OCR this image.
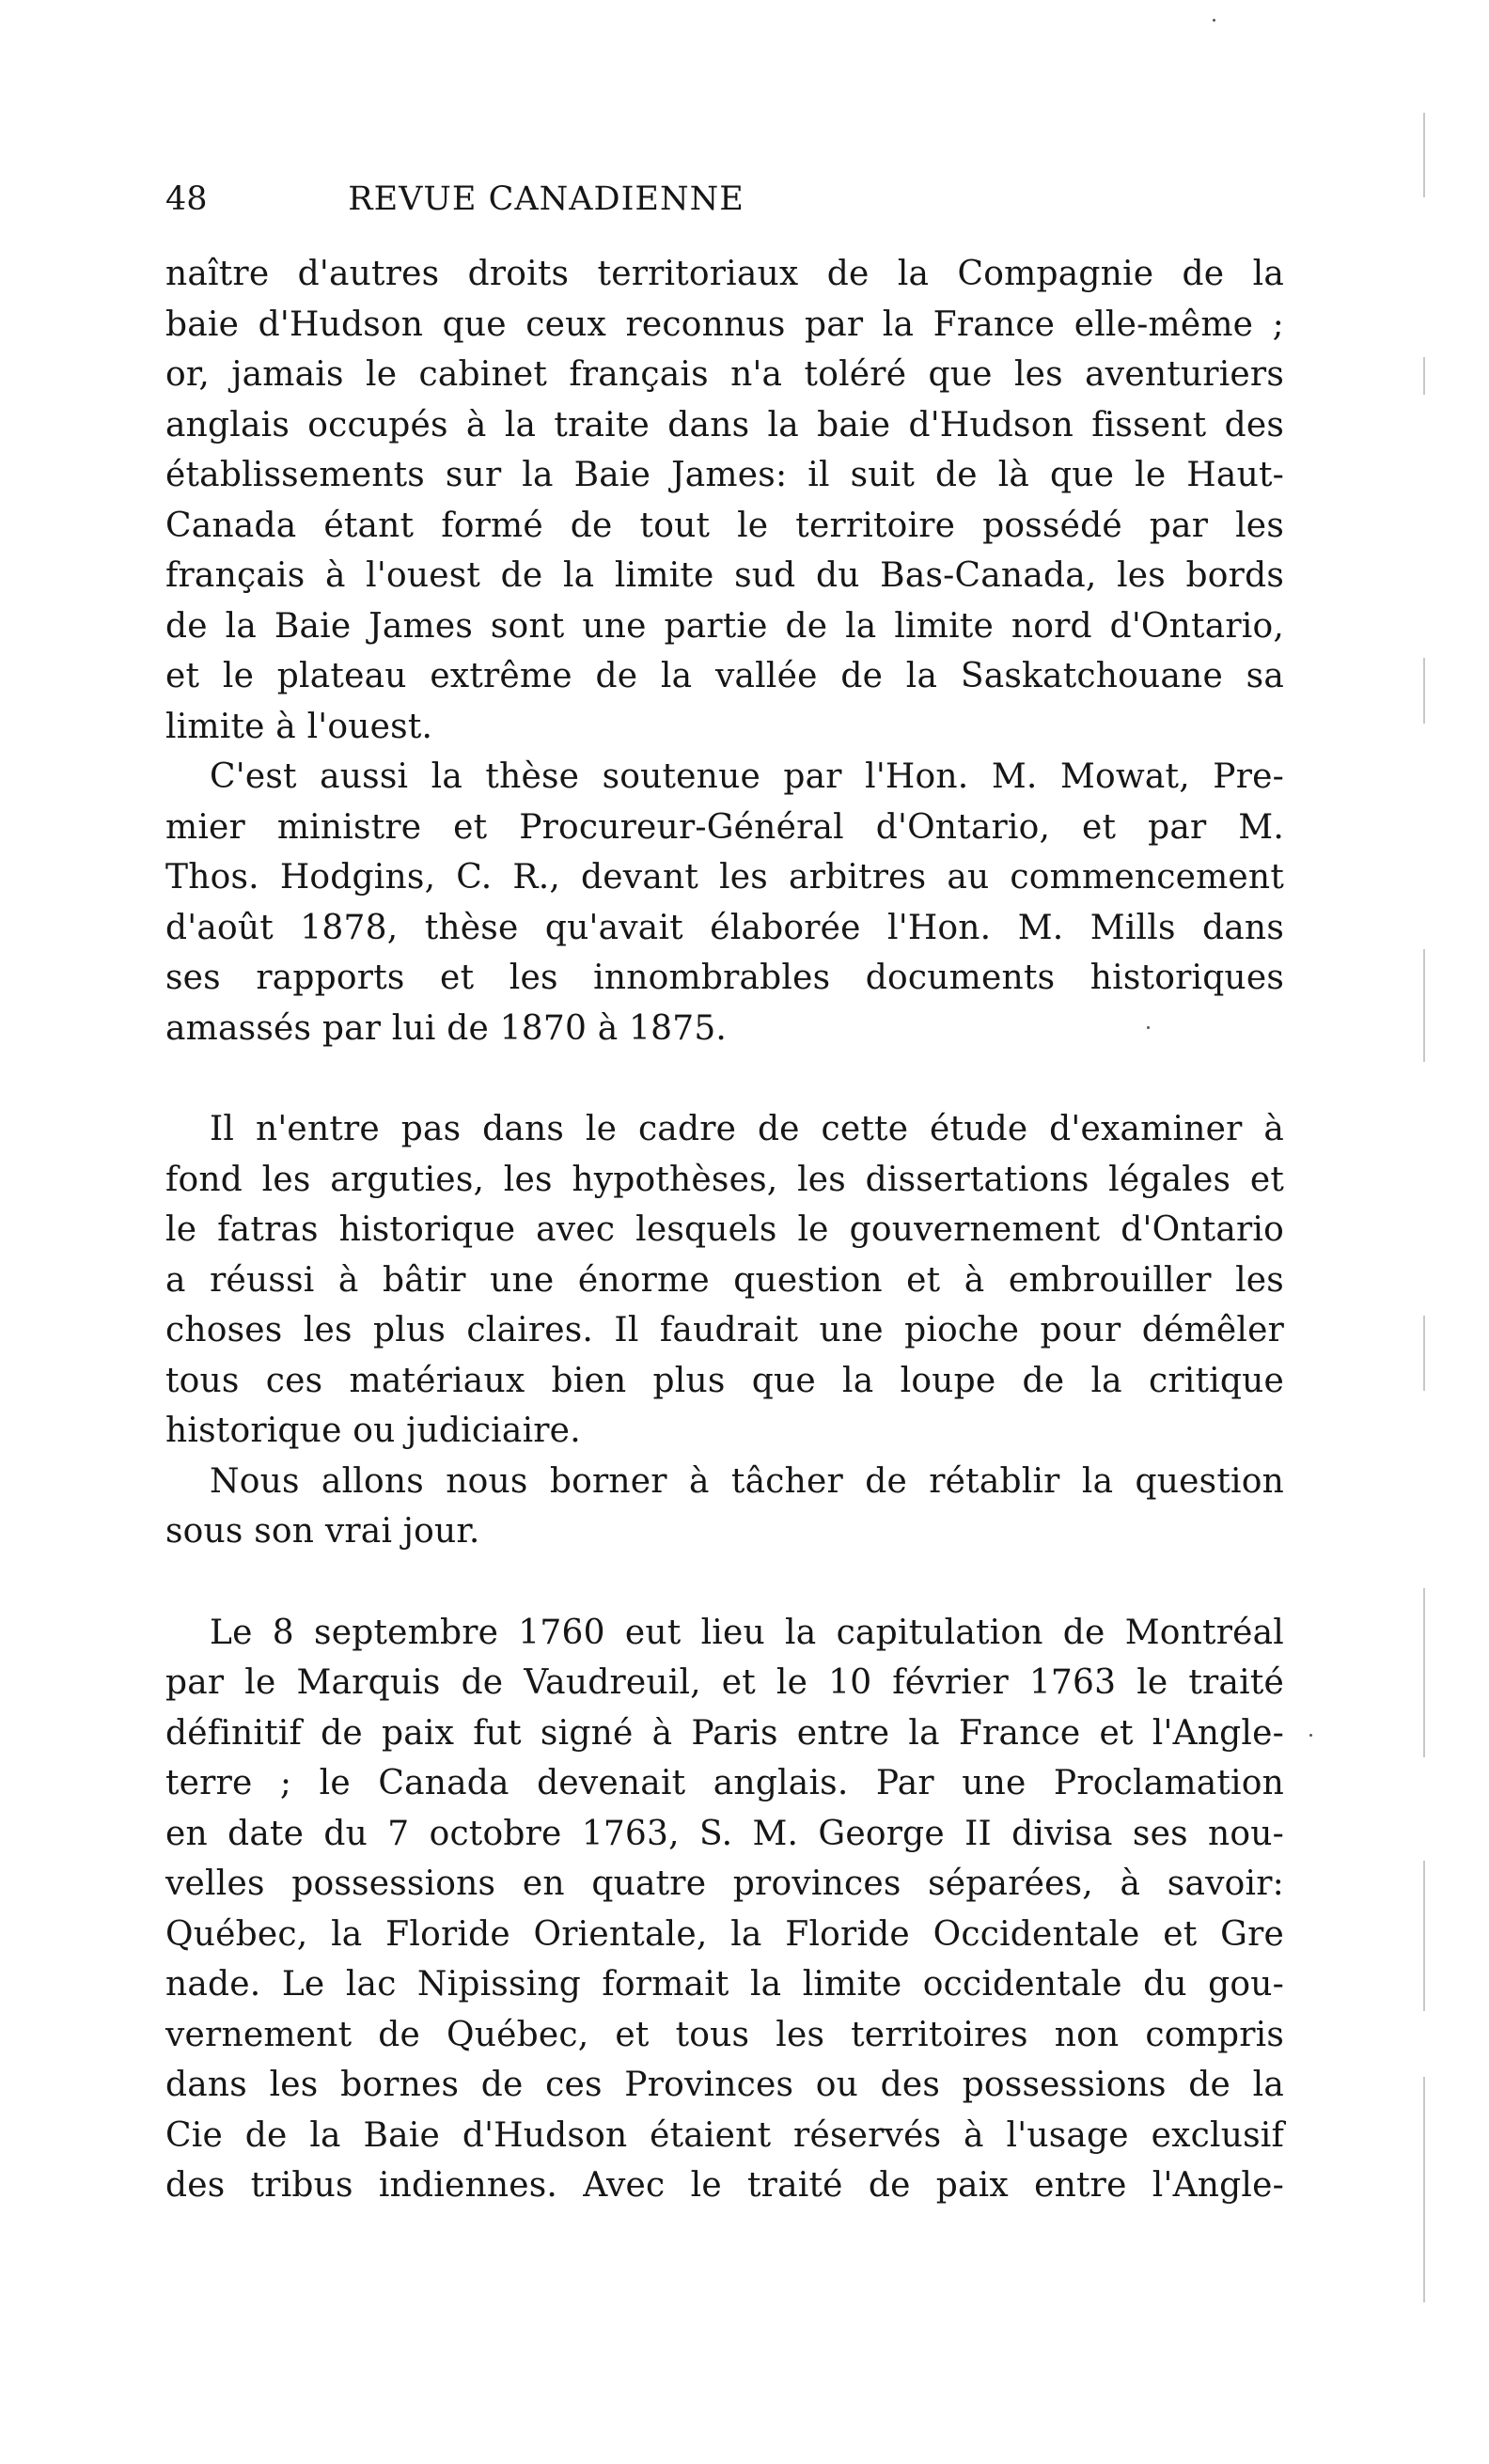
48	REVUE CANADIENNE
naître d'autres droits territoriaux de la Compagnie de la
baie d'Hudson que ceux reconnus par la France elle-même ;
or, jamais le cabinet français n'a toléré que les aventuriers
anglais occupés à la traite dans la baie d'Hudson fissent des
établissements sur la Baie James: il suit de là que le Haut-
Canada étant formé de tout le territoire possédé par les
français à l'ouest de la limite sud du Bas-Canada, les bords
de la Baie James sont une partie de la limite nord d'Ontario,
et le plateau extrême de la vallée de la Saskatchouane sa
limite à l'ouest.
C'est aussi la thèse soutenue par l'Hon. M. Mowat, Pre-
mier ministre et Procureur-Général d'Ontario, et par M.
Thos. Hodgins, C. R., devant les arbitres au commencement
d'août 1878, thèse qu'avait élaborée l'Hon. M. Mills dans
ses rapports et les innombrables documents historiques
amassés par lui de 1870 à 1875.
Il n'entre pas dans le cadre de cette étude d'examiner à
fond les arguties, les hypothèses, les dissertations légales et
le fatras historique avec lesquels le gouvernement d'Ontario
a réussi à bâtir une énorme question et à embrouiller les
choses les plus claires. Il faudrait une pioche pour démêler
tous ces matériaux bien plus que la loupe de la critique
historique ou judiciaire.
Nous allons nous borner à tâcher de rétablir la question
sous son vrai jour.
Le 8 septembre 1760 eut lieu la capitulation de Montréal
par le Marquis de Vaudreuil, et le 10 février 1763 le traité
définitif de paix fut signé à Paris entre la France et l'Angle-
terre ; le Canada devenait anglais. Par une Proclamation
en date du 7 octobre 1763, S. M. George II divisa ses nou-
velles possessions en quatre provinces séparées, à savoir:
Québec, la Floride Orientale, la Floride Occidentale et Gre
nade. Le lac Nipissing formait la limite occidentale du gou-
vernement de Québec, et tous les territoires non compris
dans les bornes de ces Provinces ou des possessions de la
Cie de la Baie d'Hudson étaient réservés à l'usage exclusif
des tribus indiennes. Avec le traité de paix entre l'Angle-
